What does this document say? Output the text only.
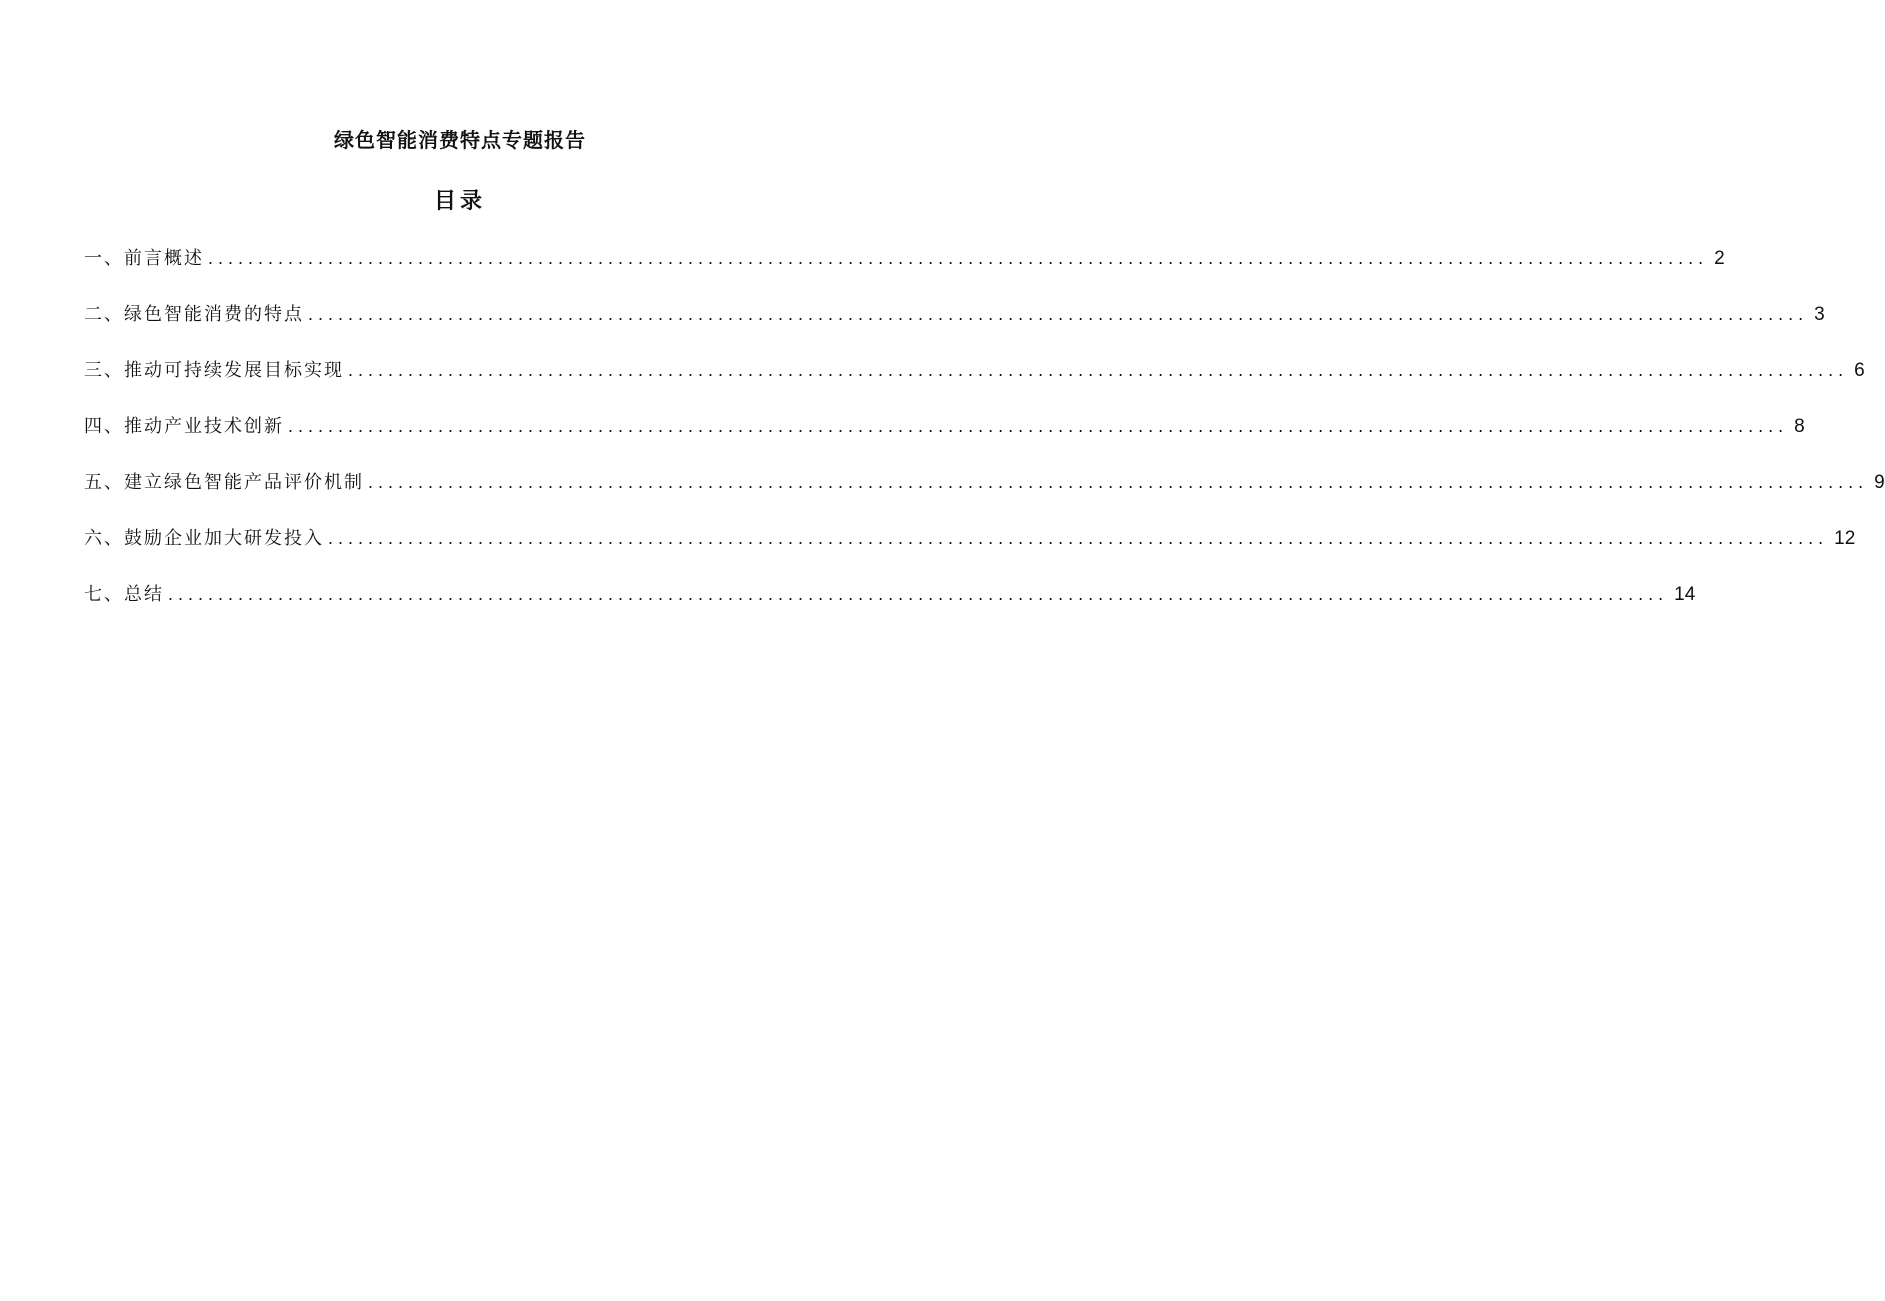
绿色智能消费特点专题报告
目录
一、前言概述 ...................................................................................................................................................... 2
二、绿色智能消费的特点 ...................................................................................................................................................... 3
三、推动可持续发展目标实现 ...................................................................................................................................................... 6
四、推动产业技术创新 ...................................................................................................................................................... 8
五、建立绿色智能产品评价机制 ...................................................................................................................................................... 9
六、鼓励企业加大研发投入 ...................................................................................................................................................... 12
七、总结 ...................................................................................................................................................... 14
